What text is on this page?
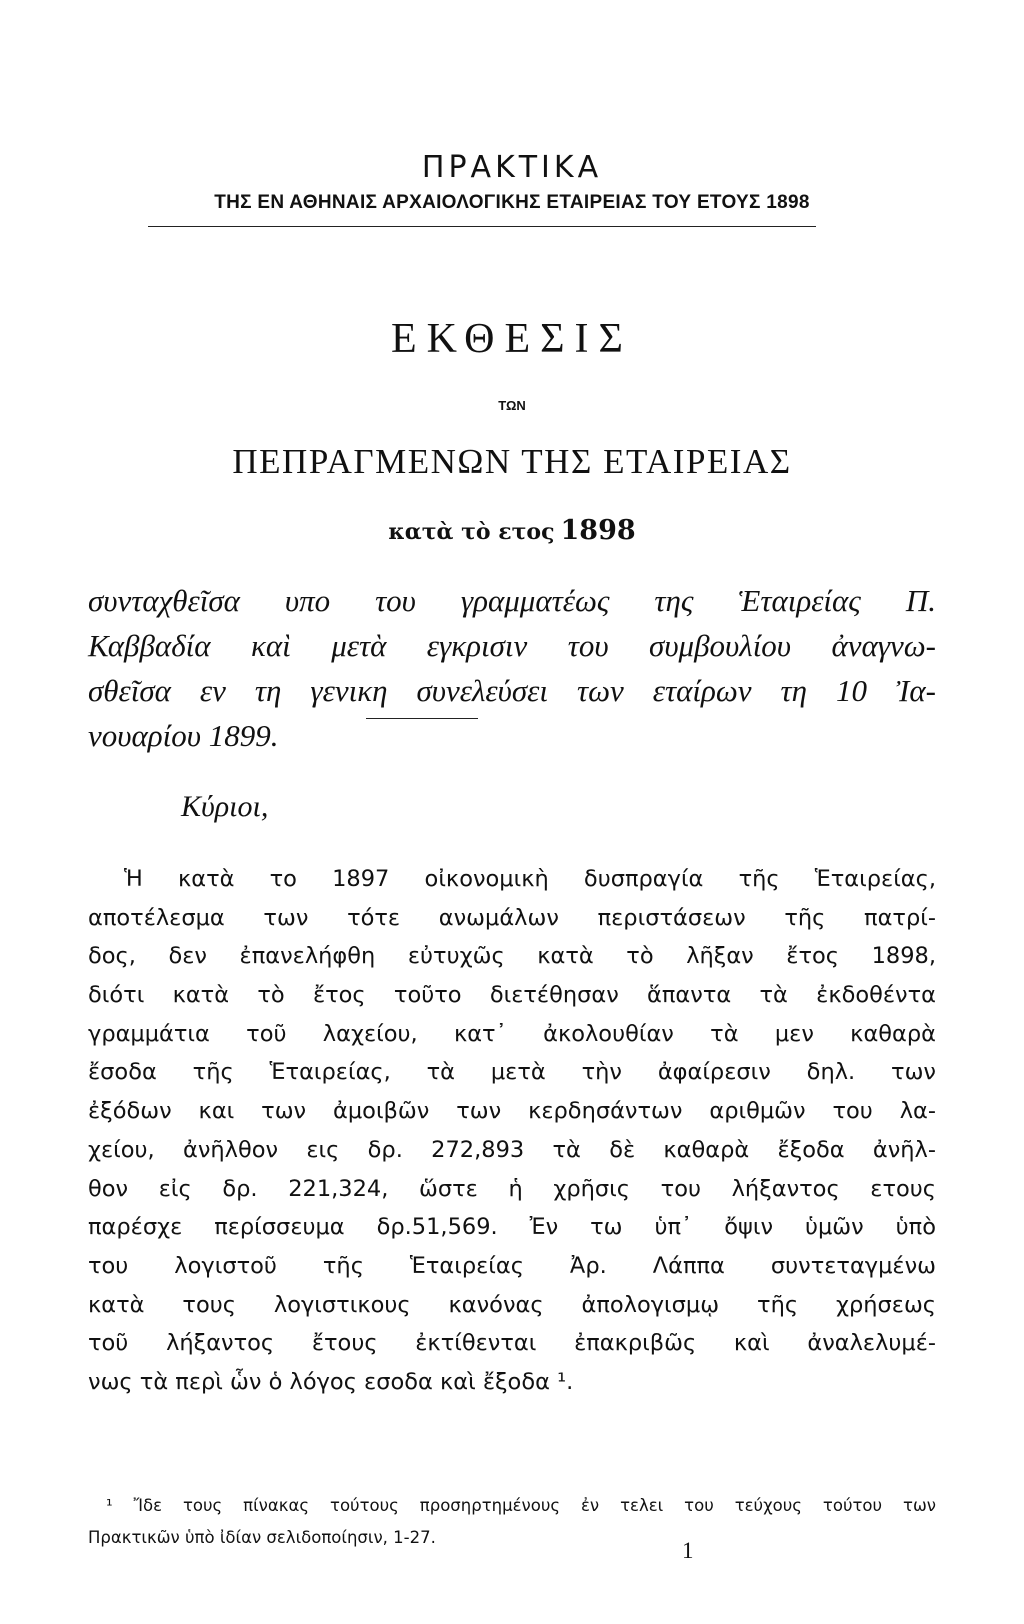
ΠΡΑΚΤΙΚΑ
ΤΗΣ ΕΝ ΑΘΗΝΑΙΣ ΑΡΧΑΙΟΛΟΓΙΚΗΣ ΕΤΑΙΡΕΙΑΣ ΤΟΥ ΕΤΟΥΣ 1898
ΕΚΘΕΣΙΣ
ΤΩΝ
ΠΕΠΡΑΓΜΕΝΩΝ ΤΗΣ ΕΤΑΙΡΕΙΑΣ
κατὰ τὸ ετος 1898
συνταχθεῖσα υπο του γραμματέως της Ἑταιρείας Π.
Καββαδία καὶ μετὰ εγκρισιν του συμβουλίου ἀναγνω-
σθεῖσα εν τη γενικη συνελεύσει των εταίρων τη 10 Ἰα-
νουαρίου 1899.
Κύριοι,
Ἡ κατὰ το 1897 οἰκονομικὴ δυσπραγία τῆς Ἑταιρείας,
αποτέλεσμα των τότε ανωμάλων περιστάσεων τῆς πατρί-
δος, δεν ἐπανελήφθη εὐτυχῶς κατὰ τὸ λῆξαν ἔτος 1898,
διότι κατὰ τὸ ἔτος τοῦτο διετέθησαν ἅπαντα τὰ ἐκδοθέντα
γραμμάτια τοῦ λαχείου, κατ᾽ ἀκολουθίαν τὰ μεν καθαρὰ
ἔσοδα τῆς Ἑταιρείας, τὰ μετὰ τὴν ἀφαίρεσιν δηλ. των
ἐξόδων και των ἀμοιβῶν των κερδησάντων αριθμῶν του λα-
χείου, ἀνῆλθον εις δρ. 272,893 τὰ δὲ καθαρὰ ἔξοδα ἀνῆλ-
θον εἰς δρ. 221,324, ὥστε ἡ χρῆσις του λήξαντος ετους
παρέσχε περίσσευμα δρ.51,569. Ἐν τω ὑπ᾽ ὄψιν ὑμῶν ὑπὸ
του λογιστοῦ τῆς Ἑταιρείας Ἀρ. Λάππα συντεταγμένω
κατὰ τους λογιστικους κανόνας ἀπολογισμῳ τῆς χρήσεως
τοῦ λήξαντος ἔτους ἐκτίθενται ἐπακριβῶς καὶ ἀναλελυμέ-
νως τὰ περὶ ὧν ὁ λόγος εσοδα καὶ ἔξοδα ¹.
¹ Ἴδε τους πίνακας τούτους προσηρτημένους ἐν τελει του τεύχους τούτου των
Πρακτικῶν ὑπὸ ἰδίαν σελιδοποίησιν, 1-27.
1
